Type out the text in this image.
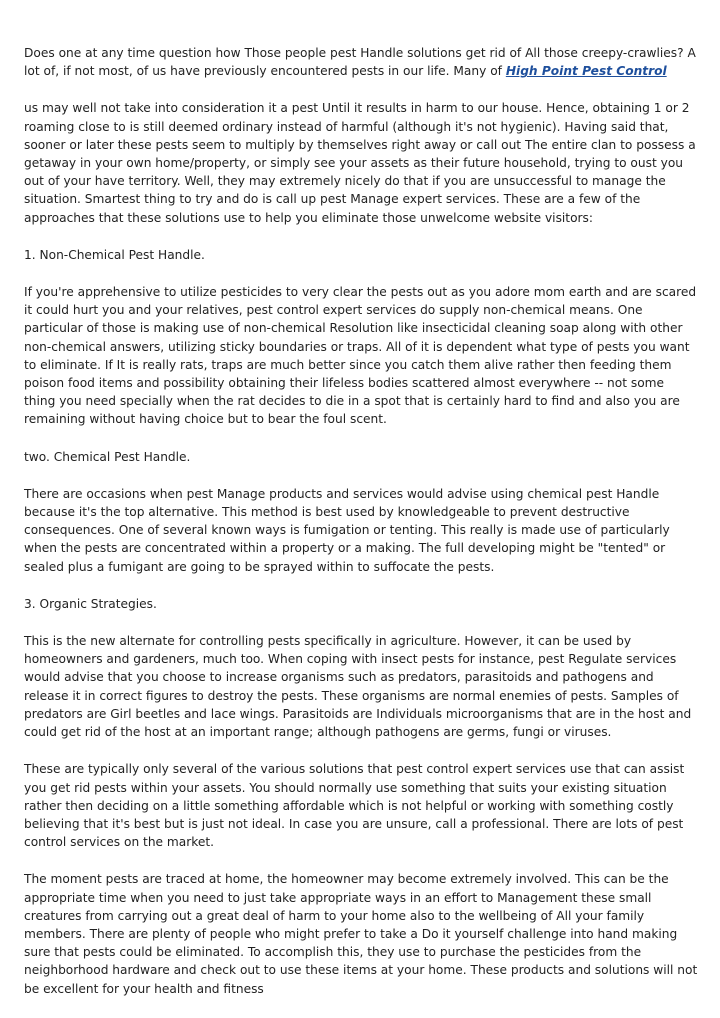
Does one at any time question how Those people pest Handle solutions get rid of All those creepy-crawlies? A lot of, if not most, of us have previously encountered pests in our life. Many of High Point Pest Control

us may well not take into consideration it a pest Until it results in harm to our house. Hence, obtaining 1 or 2 roaming close to is still deemed ordinary instead of harmful (although it's not hygienic). Having said that, sooner or later these pests seem to multiply by themselves right away or call out The entire clan to possess a getaway in your own home/property, or simply see your assets as their future household, trying to oust you out of your have territory. Well, they may extremely nicely do that if you are unsuccessful to manage the situation. Smartest thing to try and do is call up pest Manage expert services. These are a few of the approaches that these solutions use to help you eliminate those unwelcome website visitors:

1. Non-Chemical Pest Handle.

If you're apprehensive to utilize pesticides to very clear the pests out as you adore mom earth and are scared it could hurt you and your relatives, pest control expert services do supply non-chemical means. One particular of those is making use of non-chemical Resolution like insecticidal cleaning soap along with other non-chemical answers, utilizing sticky boundaries or traps. All of it is dependent what type of pests you want to eliminate. If It is really rats, traps are much better since you catch them alive rather then feeding them poison food items and possibility obtaining their lifeless bodies scattered almost everywhere -- not some thing you need specially when the rat decides to die in a spot that is certainly hard to find and also you are remaining without having choice but to bear the foul scent.

two. Chemical Pest Handle.

There are occasions when pest Manage products and services would advise using chemical pest Handle because it's the top alternative. This method is best used by knowledgeable to prevent destructive consequences. One of several known ways is fumigation or tenting. This really is made use of particularly when the pests are concentrated within a property or a making. The full developing might be "tented" or sealed plus a fumigant are going to be sprayed within to suffocate the pests.

3. Organic Strategies.

This is the new alternate for controlling pests specifically in agriculture. However, it can be used by homeowners and gardeners, much too. When coping with insect pests for instance, pest Regulate services would advise that you choose to increase organisms such as predators, parasitoids and pathogens and release it in correct figures to destroy the pests. These organisms are normal enemies of pests. Samples of predators are Girl beetles and lace wings. Parasitoids are Individuals microorganisms that are in the host and could get rid of the host at an important range; although pathogens are germs, fungi or viruses.

These are typically only several of the various solutions that pest control expert services use that can assist you get rid pests within your assets. You should normally use something that suits your existing situation rather then deciding on a little something affordable which is not helpful or working with something costly believing that it's best but is just not ideal. In case you are unsure, call a professional. There are lots of pest control services on the market.

The moment pests are traced at home, the homeowner may become extremely involved. This can be the appropriate time when you need to just take appropriate ways in an effort to Management these small creatures from carrying out a great deal of harm to your home also to the wellbeing of All your family members. There are plenty of people who might prefer to take a Do it yourself challenge into hand making sure that pests could be eliminated. To accomplish this, they use to purchase the pesticides from the neighborhood hardware and check out to use these items at your home. These products and solutions will not be excellent for your health and fitness
